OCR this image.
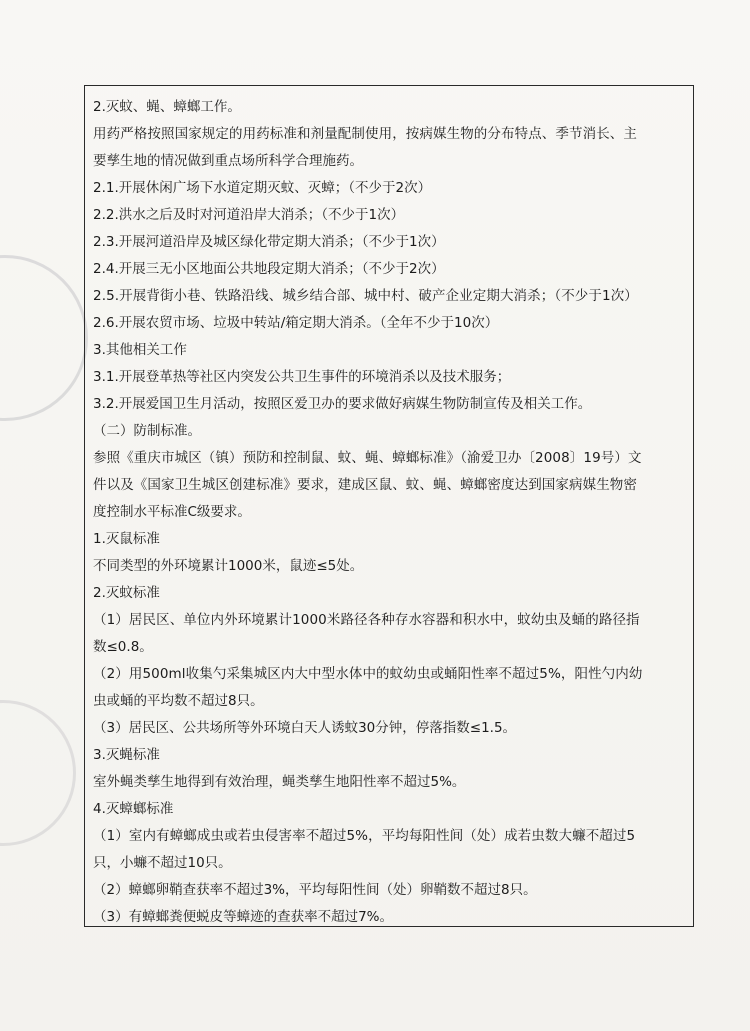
2.灭蚊、蝇、蟑螂工作。
用药严格按照国家规定的用药标准和剂量配制使用，按病媒生物的分布特点、季节消长、主
要孳生地的情况做到重点场所科学合理施药。
2.1.开展休闲广场下水道定期灭蚊、灭蟑；（不少于2次）
2.2.洪水之后及时对河道沿岸大消杀；（不少于1次）
2.3.开展河道沿岸及城区绿化带定期大消杀；（不少于1次）
2.4.开展三无小区地面公共地段定期大消杀；（不少于2次）
2.5.开展背街小巷、铁路沿线、城乡结合部、城中村、破产企业定期大消杀；（不少于1次）
2.6.开展农贸市场、垃圾中转站/箱定期大消杀。（全年不少于10次）
3.其他相关工作
3.1.开展登革热等社区内突发公共卫生事件的环境消杀以及技术服务；
3.2.开展爱国卫生月活动，按照区爱卫办的要求做好病媒生物防制宣传及相关工作。
（二）防制标准。
参照《重庆市城区（镇）预防和控制鼠、蚊、蝇、蟑螂标准》（渝爱卫办〔2008〕19号）文
件以及《国家卫生城区创建标准》要求，建成区鼠、蚊、蝇、蟑螂密度达到国家病媒生物密
度控制水平标准C级要求。
1.灭鼠标准
不同类型的外环境累计1000米，鼠迹≤5处。
2.灭蚊标准
（1）居民区、单位内外环境累计1000米路径各种存水容器和积水中，蚊幼虫及蛹的路径指
数≤0.8。
（2）用500ml收集勺采集城区内大中型水体中的蚊幼虫或蛹阳性率不超过5%，阳性勺内幼
虫或蛹的平均数不超过8只。
（3）居民区、公共场所等外环境白天人诱蚊30分钟，停落指数≤1.5。
3.灭蝇标准
室外蝇类孳生地得到有效治理，蝇类孳生地阳性率不超过5%。
4.灭蟑螂标准
（1）室内有蟑螂成虫或若虫侵害率不超过5%，平均每阳性间（处）成若虫数大蠊不超过5
只，小蠊不超过10只。
（2）蟑螂卵鞘查获率不超过3%，平均每阳性间（处）卵鞘数不超过8只。
（3）有蟑螂粪便蜕皮等蟑迹的查获率不超过7%。
